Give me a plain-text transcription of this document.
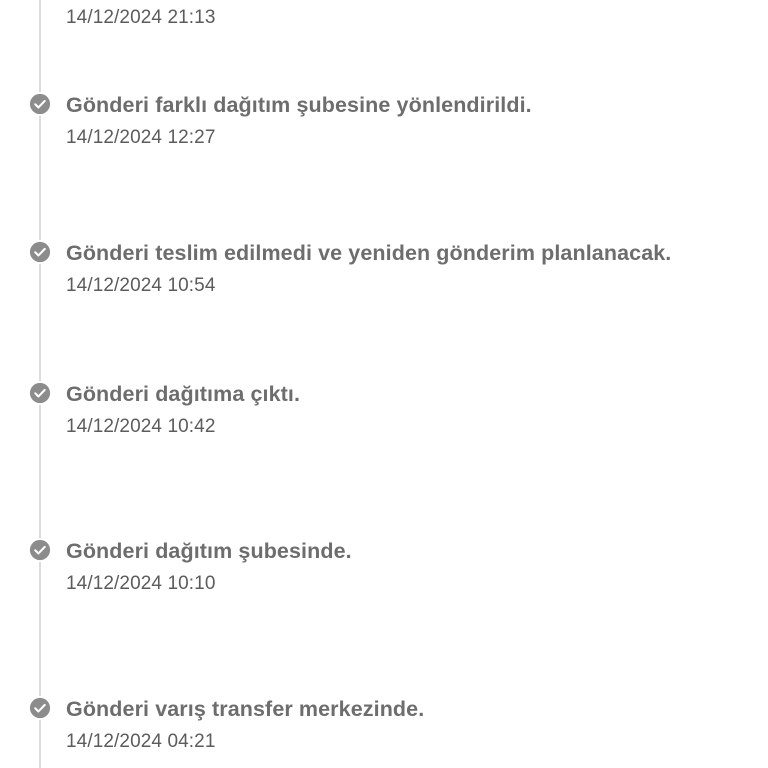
14/12/2024 21:13
Gönderi farklı dağıtım şubesine yönlendirildi.
14/12/2024 12:27
Gönderi teslim edilmedi ve yeniden gönderim planlanacak.
14/12/2024 10:54
Gönderi dağıtıma çıktı.
14/12/2024 10:42
Gönderi dağıtım şubesinde.
14/12/2024 10:10
Gönderi varış transfer merkezinde.
14/12/2024 04:21
